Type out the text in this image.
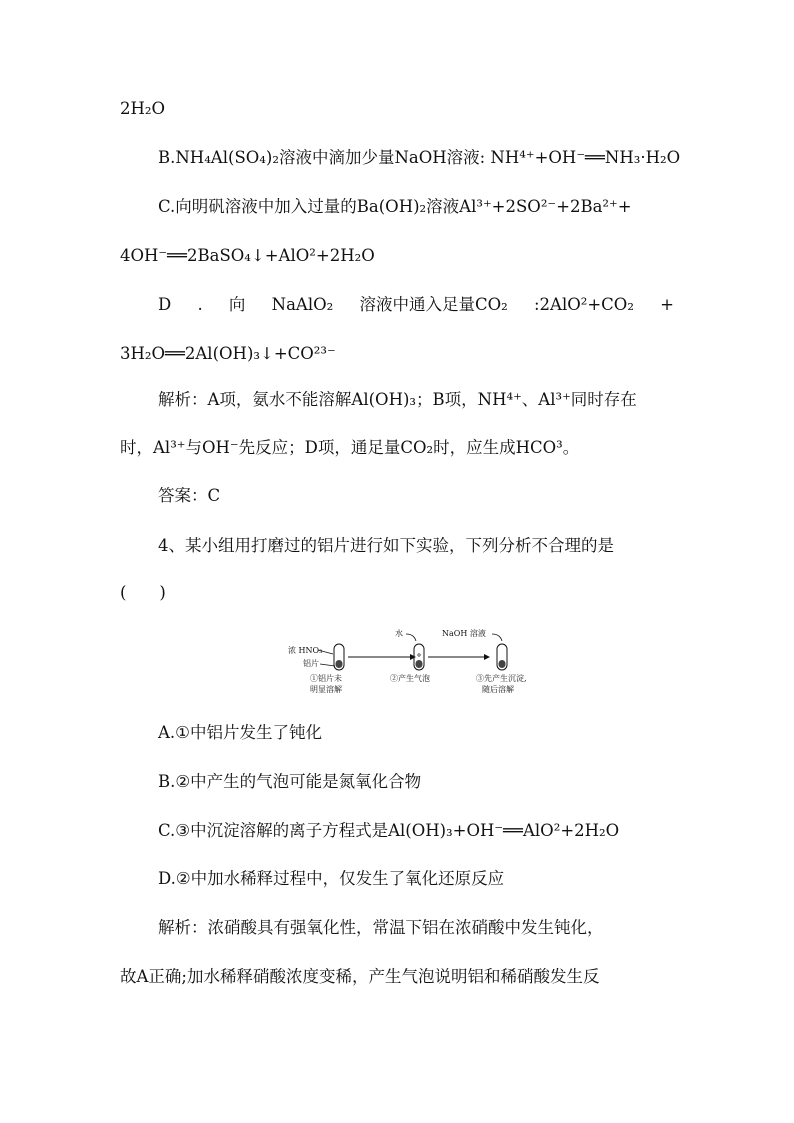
2H₂O
B.NH₄Al(SO₄)₂溶液中滴加少量NaOH溶液: NH⁴⁺+OH⁻══NH₃·H₂O
C.向明矾溶液中加入过量的Ba(OH)₂溶液Al³⁺+2SO²⁻+2Ba²⁺+
4OH⁻══2BaSO₄↓+AlO²+2H₂O
D . 向 NaAlO₂ 溶液中通入足量CO₂ :2AlO²+CO₂ +
3H₂O══2Al(OH)₃↓+CO²³⁻
解析：A项，氨水不能溶解Al(OH)₃；B项，NH⁴⁺、Al³⁺同时存在
时，Al³⁺与OH⁻先反应；D项，通足量CO₂时，应生成HCO³。
答案：C
4、某小组用打磨过的铝片进行如下实验，下列分析不合理的是
(　　)
浓 HNO₃
铝片
水	NaOH 溶液
①铝片未
明显溶解
②产生气泡	③先产生沉淀,
随后溶解
A.①中铝片发生了钝化
B.②中产生的气泡可能是氮氧化合物
C.③中沉淀溶解的离子方程式是Al(OH)₃+OH⁻══AlO²+2H₂O
D.②中加水稀释过程中，仅发生了氧化还原反应
解析：浓硝酸具有强氧化性，常温下铝在浓硝酸中发生钝化，
故A正确;加水稀释硝酸浓度变稀，产生气泡说明铝和稀硝酸发生反
